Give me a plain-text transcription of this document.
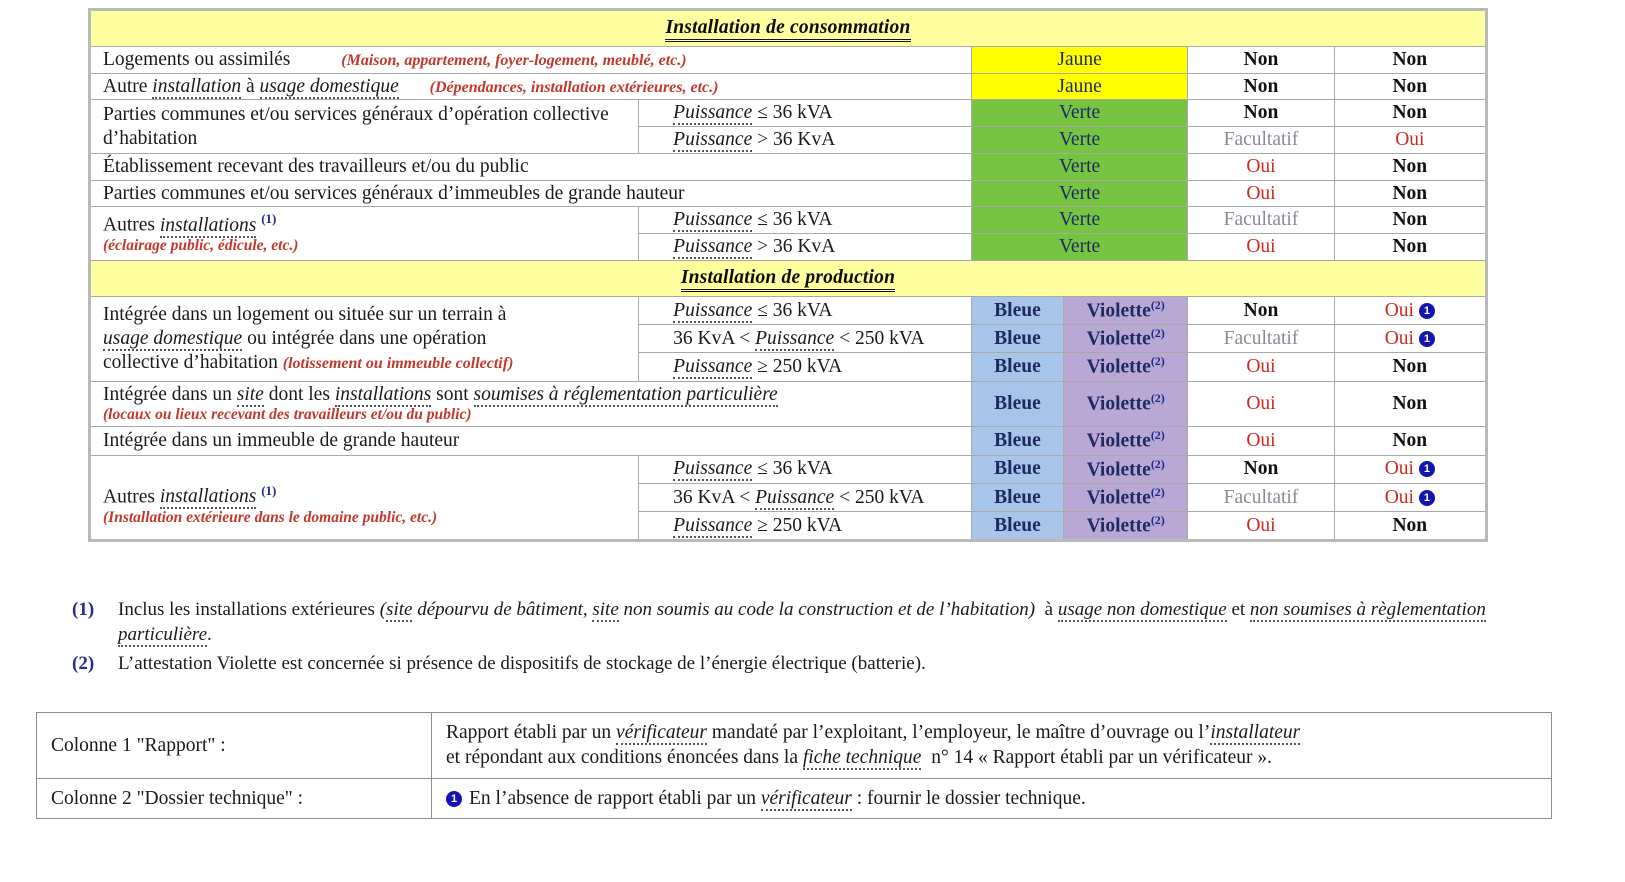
Installation de consommation					
Logements ou assimilés (Maison, appartement, foyer-logement, meublé, etc.)		Jaune		Non	Non
Autre installation à usage domestique (Dépendances, installation extérieures, etc.)		Jaune		Non	Non
Parties communes et/ou services généraux d’opération collective d’habitation	Puissance ≤ 36 kVA	Verte		Non	Non
	Puissance > 36 KvA	Verte		Facultatif	Oui
Établissement recevant des travailleurs et/ou du public		Verte		Oui	Non
Parties communes et/ou services généraux d’immeubles de grande hauteur		Verte		Oui	Non

Autres installations $^{(1)}$
(éclairage public, édicule, etc.)	Puissance ≤ 36 kVA	Verte		Facultatif	Non
	Puissance > 36 KvA	Verte		Oui	Non
Installation de production					

Intégrée dans un logement ou située sur un terrain à
usage domestique ou intégrée dans une opération
collective d’habitation (lotissement ou immeuble collectif)	Puissance ≤ 36 kVA	Bleue	Violette$^{(2)}$	Non	Oui 1
	36 KvA < Puissance < 250 kVA	Bleue	Violette$^{(2)}$	Facultatif	Oui 1
	Puissance ≥ 250 kVA	Bleue	Violette$^{(2)}$	Oui	Non

Intégrée dans un site dont les installations sont soumises à réglementation particulière
(locaux ou lieux recevant des travailleurs et/ou du public)		Bleue	Violette$^{(2)}$	Oui	Non
Intégrée dans un immeuble de grande hauteur		Bleue	Violette$^{(2)}$	Oui	Non

Autres installations $^{(1)}$
(Installation extérieure dans le domaine public, etc.)	Puissance ≤ 36 kVA	Bleue	Violette$^{(2)}$	Non	Oui 1
	36 KvA < Puissance < 250 kVA	Bleue	Violette$^{(2)}$	Facultatif	Oui 1
	Puissance ≥ 250 kVA	Bleue	Violette$^{(2)}$	Oui	Non
(1)	Inclus les installations extérieures (site dépourvu de bâtiment, site non soumis au code la construction et de l’habitation)  à usage non domestique et non soumises à règlementation particulière.
(2)	L’attestation Violette est concernée si présence de dispositifs de stockage de l’énergie électrique (batterie).
Colonne 1 "Rapport" :	Rapport établi par un vérificateur mandaté par l’exploitant, l’employeur, le maître d’ouvrage ou l’installateur
et répondant aux conditions énoncées dans la fiche technique  n° 14 « Rapport établi par un vérificateur ».

Colonne 2 "Dossier technique" :	1 En l’absence de rapport établi par un vérificateur : fournir le dossier technique.
